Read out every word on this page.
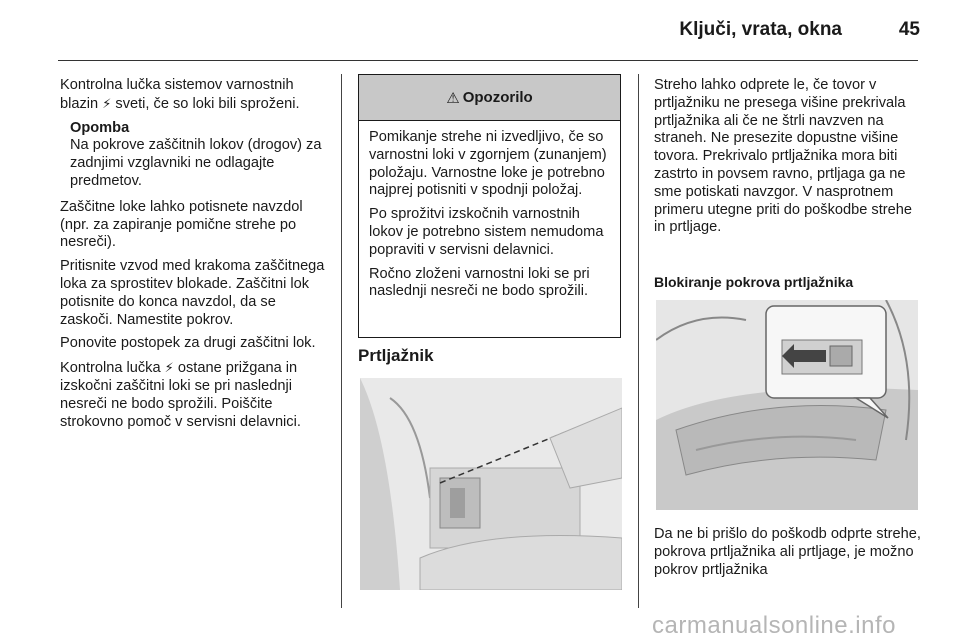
Ključi, vrata, okna	45

Kontrolna lučka sistemov varnostnih blazin ⚡ sveti, če so loki bili sproženi.

Opomba
Na pokrove zaščitnih lokov (drogov) za zadnjimi vzglavniki ne odlagajte predmetov.

Zaščitne loke lahko potisnete navzdol (npr. za zapiranje pomične strehe po nesreči).

Pritisnite vzvod med krakoma zaščitnega loka za sprostitev blokade. Zaščitni lok potisnite do konca navzdol, da se zaskoči. Namestite pokrov.

Ponovite postopek za drugi zaščitni lok.

Kontrolna lučka ⚡ ostane prižgana in izskočni zaščitni loki se pri naslednji nesreči ne bodo sprožili. Poiščite strokovno pomoč v servisni delavnici.

⚠ Opozorilo

Pomikanje strehe ni izvedljivo, če so varnostni loki v zgornjem (zunanjem) položaju. Varnostne loke je potrebno najprej potisniti v spodnji položaj.

Po sprožitvi izskočnih varnostnih lokov je potrebno sistem nemudoma popraviti v servisni delavnici.

Ročno zloženi varnostni loki se pri naslednji nesreči ne bodo sprožili.

Prtljažnik

Streho lahko odprete le, če tovor v prtljažniku ne presega višine prekrivala prtljažnika ali če ne štrli navzven na straneh. Ne presezite dopustne višine tovora. Prekrivalo prtljažnika mora biti zastrto in povsem ravno, prtljaga ga ne sme potiskati navzgor. V nasprotnem primeru utegne priti do poškodbe strehe in prtljage.

Blokiranje pokrova prtljažnika
Da ne bi prišlo do poškodb odprte strehe, pokrova prtljažnika ali prtljage, je možno pokrov prtljažnika
carmanualsonline.info
